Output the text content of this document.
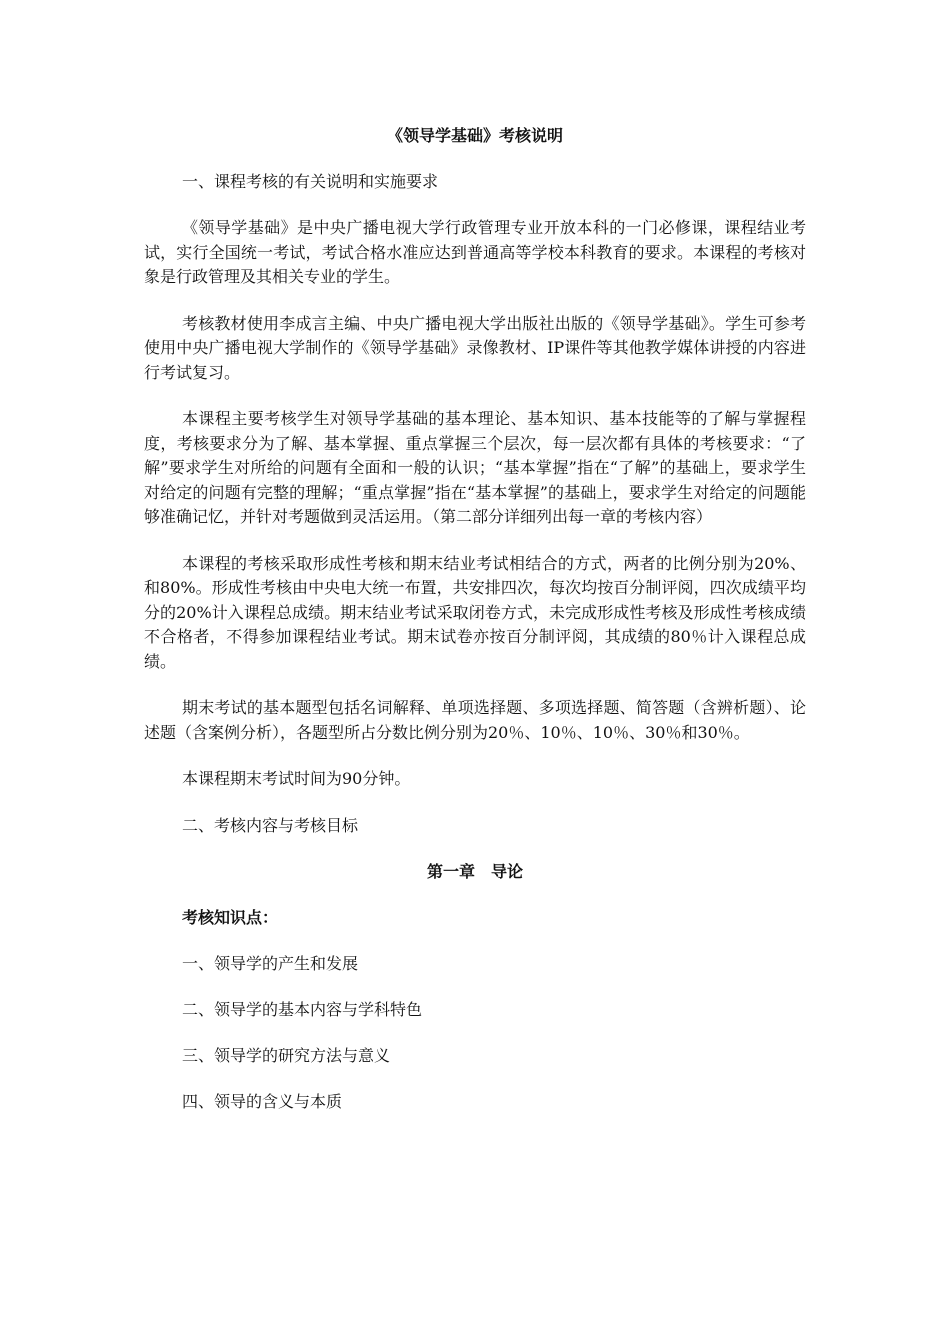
《领导学基础》考核说明
一、课程考核的有关说明和实施要求

《领导学基础》是中央广播电视大学行政管理专业开放本科的一门必修课，课程结业考试，实行全国统一考试，考试合格水准应达到普通高等学校本科教育的要求。本课程的考核对象是行政管理及其相关专业的学生。

考核教材使用李成言主编、中央广播电视大学出版社出版的《领导学基础》。学生可参考使用中央广播电视大学制作的《领导学基础》录像教材、IP课件等其他教学媒体讲授的内容进行考试复习。

本课程主要考核学生对领导学基础的基本理论、基本知识、基本技能等的了解与掌握程度，考核要求分为了解、基本掌握、重点掌握三个层次，每一层次都有具体的考核要求：“了解”要求学生对所给的问题有全面和一般的认识；“基本掌握”指在“了解”的基础上，要求学生对给定的问题有完整的理解；“重点掌握”指在“基本掌握”的基础上，要求学生对给定的问题能够准确记忆，并针对考题做到灵活运用。（第二部分详细列出每一章的考核内容）

本课程的考核采取形成性考核和期末结业考试相结合的方式，两者的比例分别为20%、和80%。形成性考核由中央电大统一布置，共安排四次，每次均按百分制评阅，四次成绩平均分的20%计入课程总成绩。期末结业考试采取闭卷方式，未完成形成性考核及形成性考核成绩不合格者，不得参加课程结业考试。期末试卷亦按百分制评阅，其成绩的80％计入课程总成绩。

期末考试的基本题型包括名词解释、单项选择题、多项选择题、简答题（含辨析题）、论述题（含案例分析），各题型所占分数比例分别为20％、10％、10％、30％和30％。

本课程期末考试时间为90分钟。

二、考核内容与考核目标
第一章　导论
考核知识点：
一、领导学的产生和发展
二、领导学的基本内容与学科特色
三、领导学的研究方法与意义
四、领导的含义与本质
